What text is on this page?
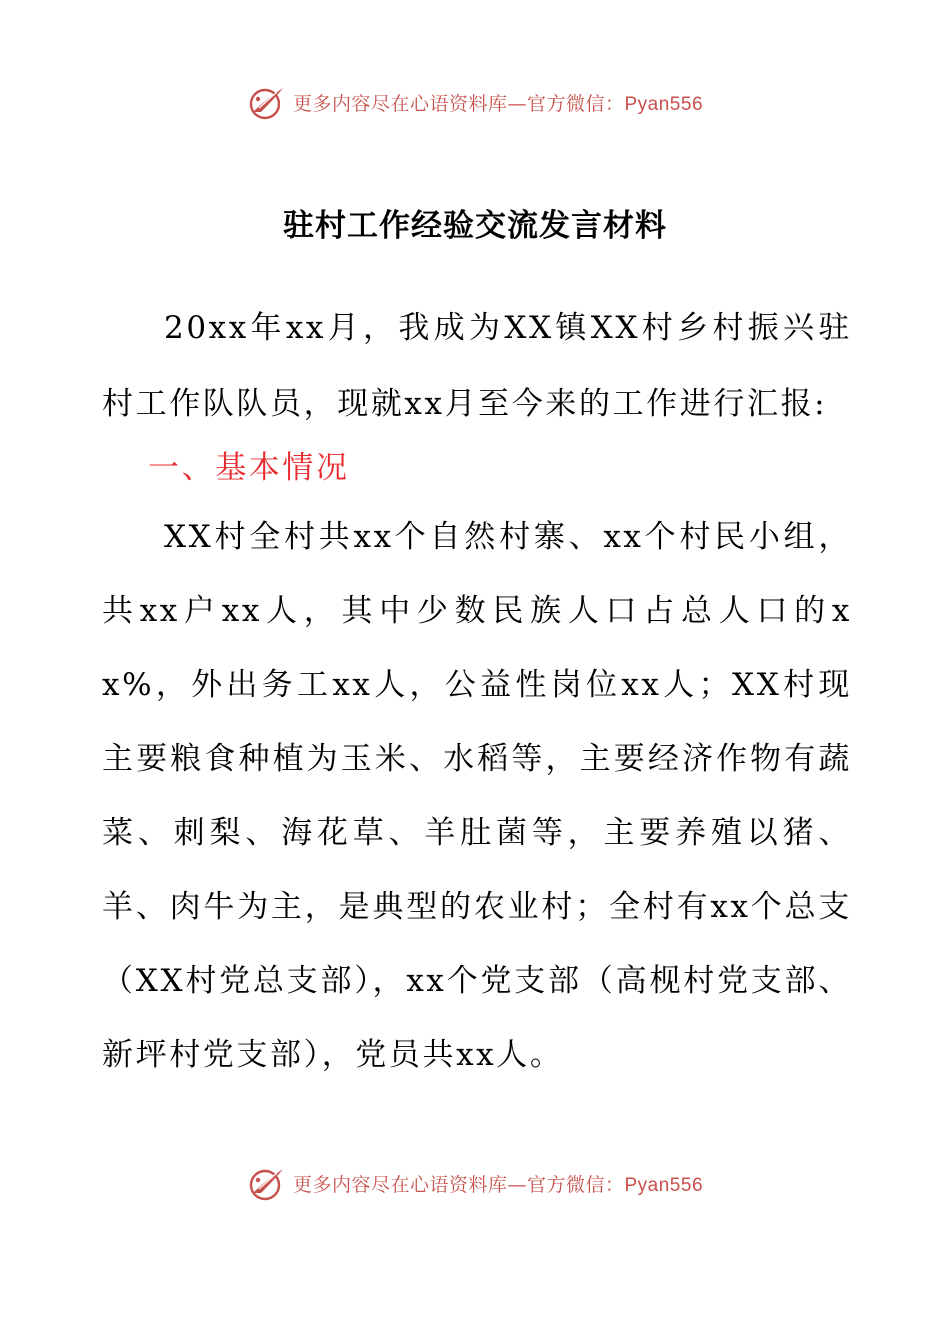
更多内容尽在心语资料库—官方微信：Pyan556
驻村工作经验交流发言材料

20xx年xx月，我成为XX镇XX村乡村振兴驻村工作队队员，现就xx月至今来的工作进行汇报:

一、基本情况

XX村全村共xx个自然村寨、xx个村民小组，共xx户xx人，其中少数民族人口占总人口的xx%，外出务工xx人，公益性岗位xx人；XX村现主要粮食种植为玉米、水稻等，主要经济作物有蔬菜、刺梨、海花草、羊肚菌等，主要养殖以猪、羊、肉牛为主，是典型的农业村；全村有xx个总支（XX村党总支部），xx个党支部（高枧村党支部、新坪村党支部），党员共xx人。

更多内容尽在心语资料库—官方微信：Pyan556
